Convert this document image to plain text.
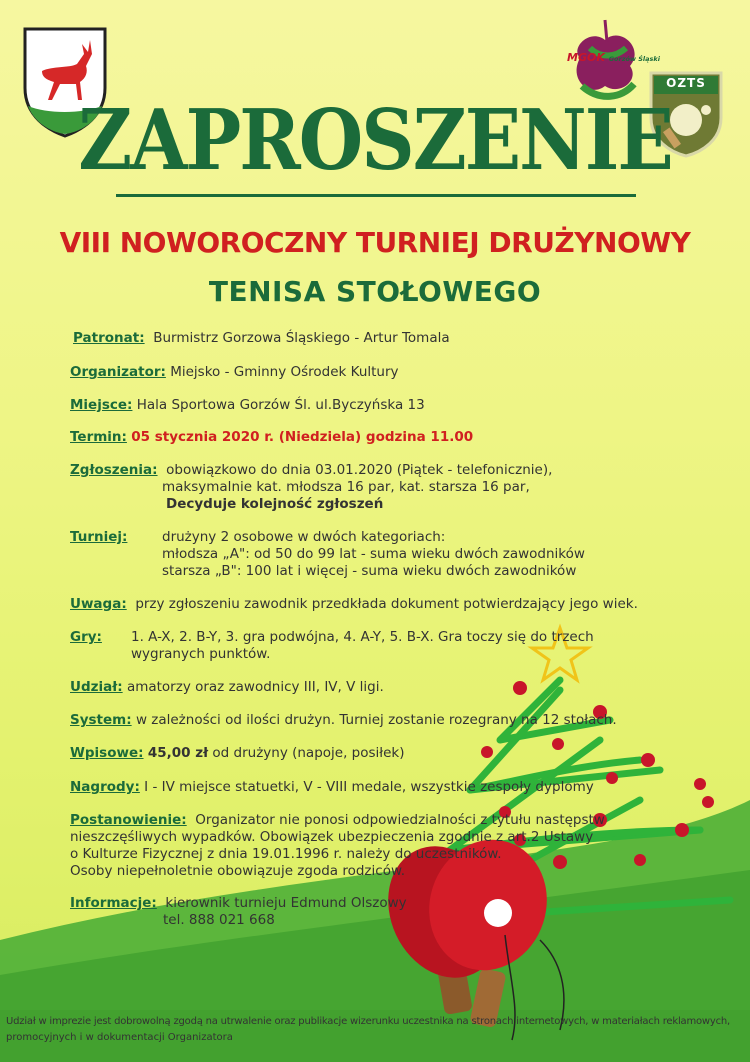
MGOK Gorzów Śląski
OZTS
ZAPROSZENIE
VIII NOWOROCZNY TURNIEJ DRUŻYNOWY
TENISA STOŁOWEGO
Patronat: Burmistrz Gorzowa Śląskiego - Artur Tomala
Organizator: Miejsko - Gminny Ośrodek Kultury
Miejsce: Hala Sportowa Gorzów Śl. ul.Byczyńska 13
Termin: 05 stycznia 2020 r. (Niedziela) godzina 11.00
Zgłoszenia: obowiązkowo do dnia 03.01.2020 (Piątek - telefonicznie),
maksymalnie kat. młodsza 16 par, kat. starsza 16 par,
Decyduje kolejność zgłoszeń
Turniej:	drużyny 2 osobowe w dwóch kategoriach:
młodsza „A": od 50 do 99 lat - suma wieku dwóch zawodników
starsza „B": 100 lat i więcej - suma wieku dwóch zawodników
Uwaga: przy zgłoszeniu zawodnik przedkłada dokument potwierdzający jego wiek.
Gry: 1. A-X, 2. B-Y, 3. gra podwójna, 4. A-Y, 5. B-X. Gra toczy się do trzech
wygranych punktów.
Udział: amatorzy oraz zawodnicy III, IV, V ligi.
System: w zależności od ilości drużyn. Turniej zostanie rozegrany na 12 stołach.
Wpisowe: 45,00 zł od drużyny (napoje, posiłek)
Nagrody: I - IV miejsce statuetki, V - VIII medale, wszystkie zespoły dyplomy
Postanowienie: Organizator nie ponosi odpowiedzialności z tytułu następstw
nieszczęśliwych wypadków. Obowiązek ubezpieczenia zgodnie z art.2 Ustawy
o Kulturze Fizycznej z dnia 19.01.1996 r. należy do uczestników.
Osoby niepełnoletnie obowiązuje zgoda rodziców.
Informacje: kierownik turnieju Edmund Olszowy
tel. 888 021 668
Udział w imprezie jest dobrowolną zgodą na utrwalenie oraz publikacje wizerunku uczestnika na stronach internetowych, w materiałach reklamowych,
promocyjnych i w dokumentacji Organizatora
